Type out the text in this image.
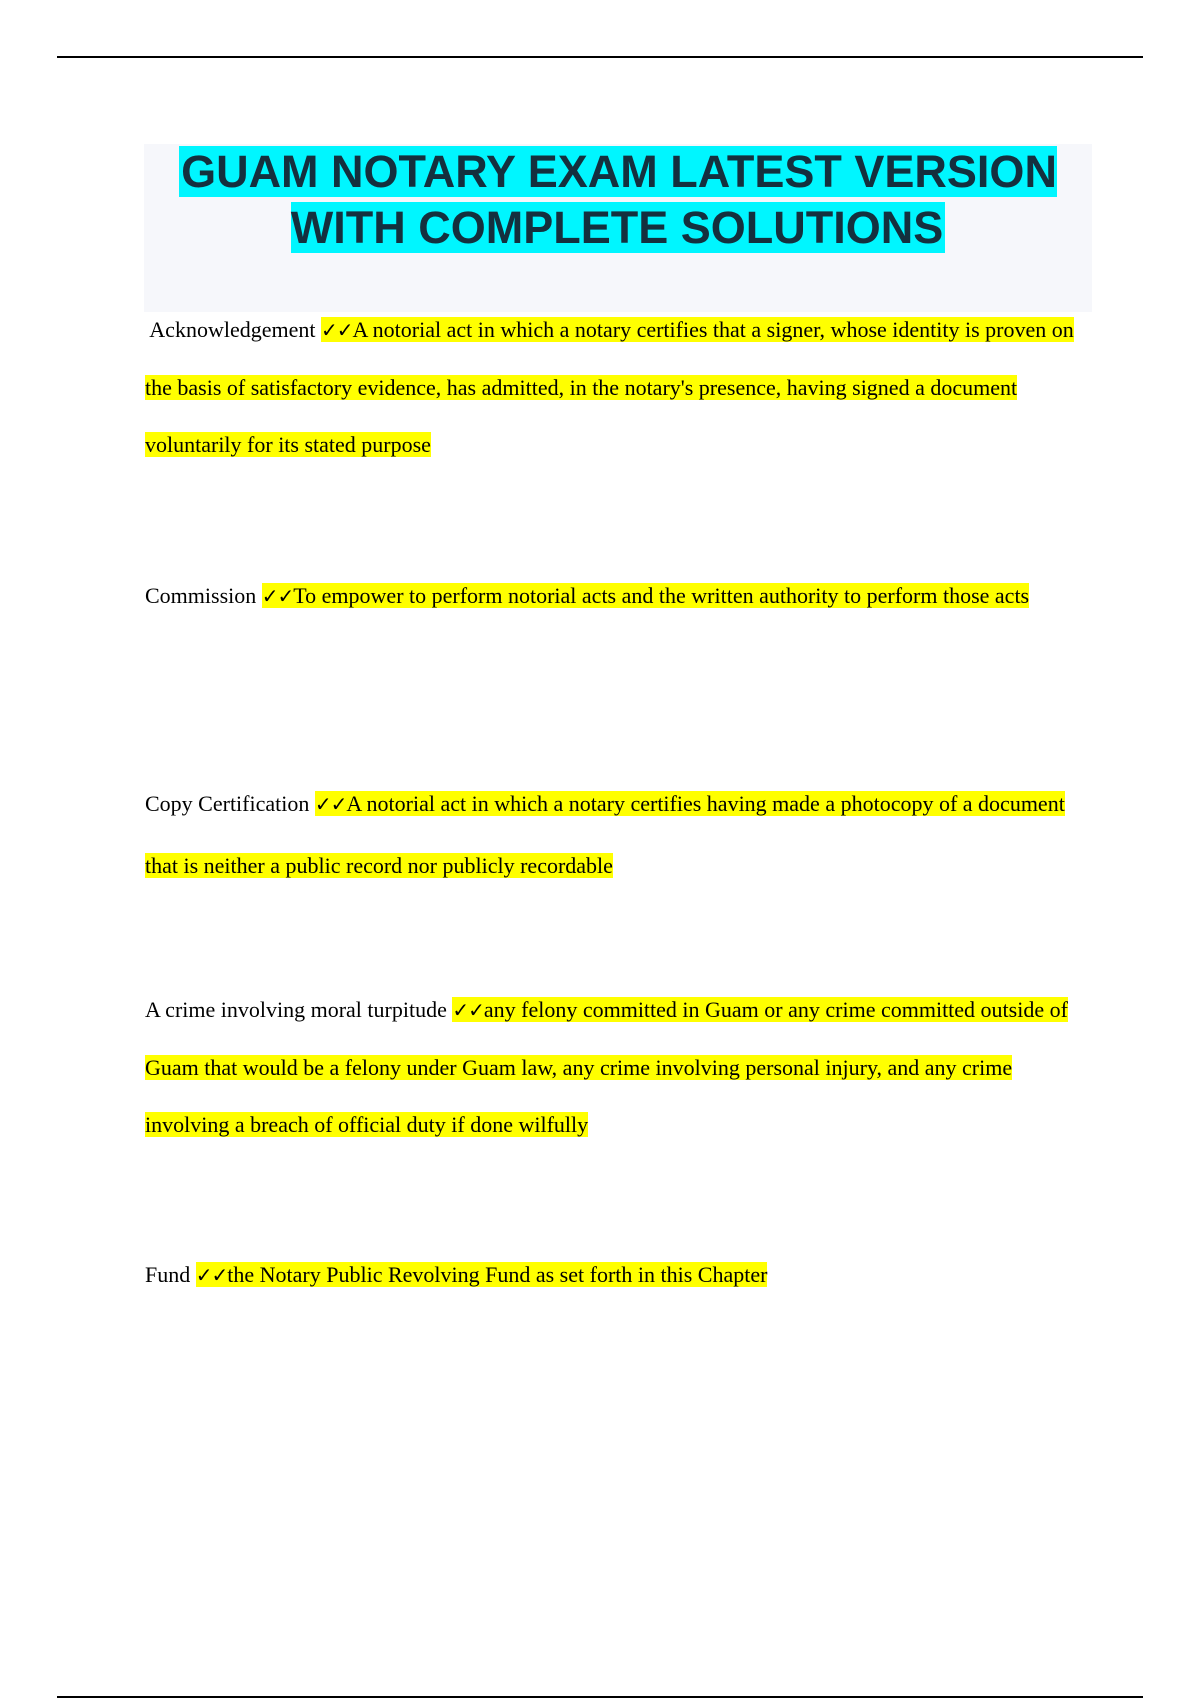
GUAM NOTARY EXAM LATEST VERSION WITH COMPLETE SOLUTIONS
Acknowledgement ✓✓A notorial act in which a notary certifies that a signer, whose identity is proven on the basis of satisfactory evidence, has admitted, in the notary's presence, having signed a document voluntarily for its stated purpose
Commission ✓✓To empower to perform notorial acts and the written authority to perform those acts
Copy Certification ✓✓A notorial act in which a notary certifies having made a photocopy of a document that is neither a public record nor publicly recordable
A crime involving moral turpitude ✓✓any felony committed in Guam or any crime committed outside of Guam that would be a felony under Guam law, any crime involving personal injury, and any crime involving a breach of official duty if done wilfully
Fund ✓✓the Notary Public Revolving Fund as set forth in this Chapter
